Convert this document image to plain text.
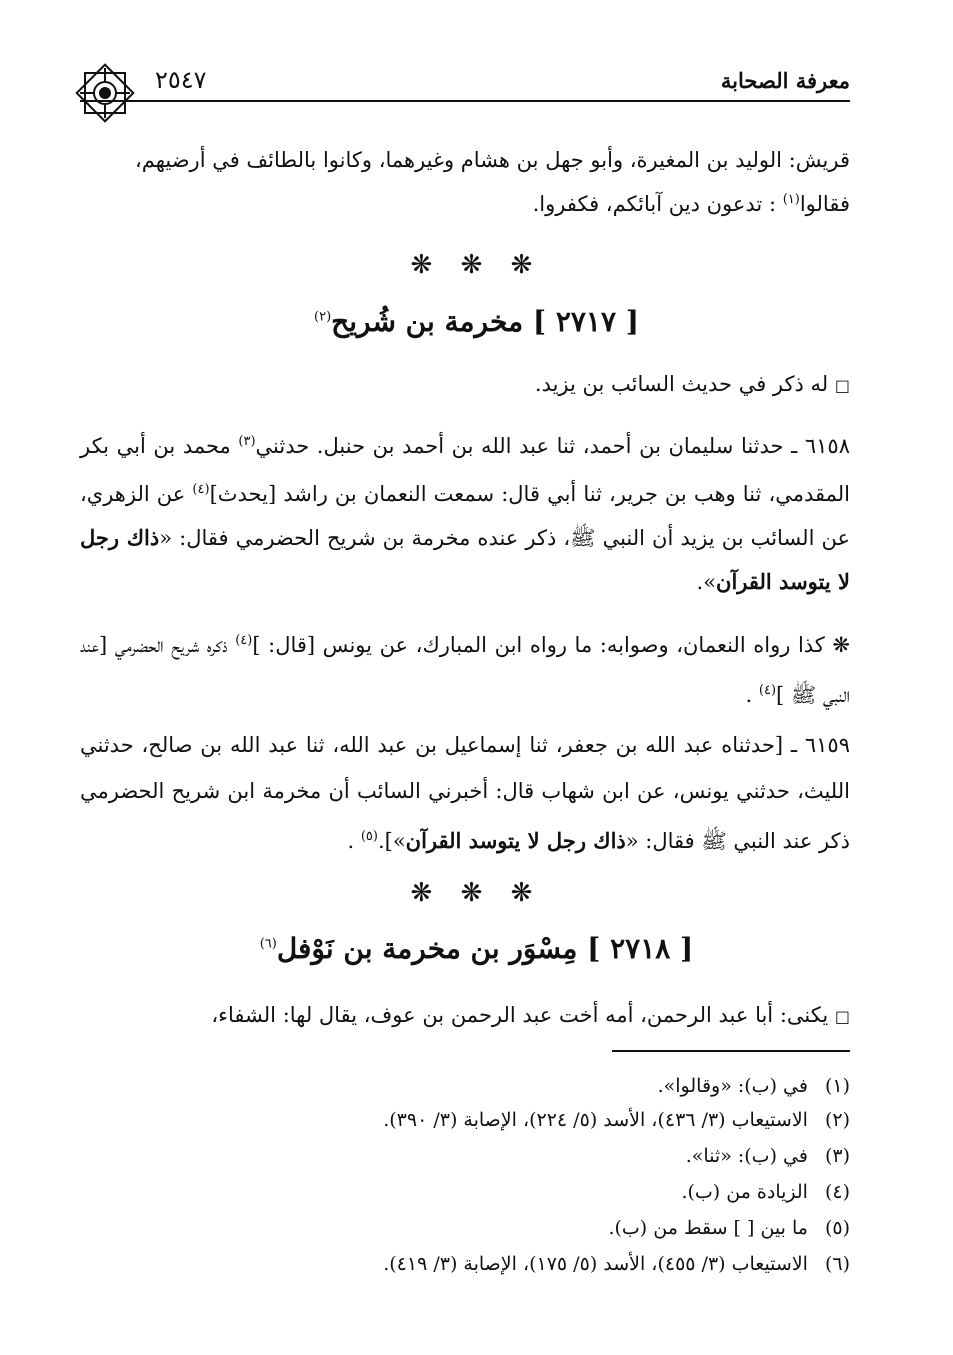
معرفة الصحابة
٢٥٤٧
قريش: الوليد بن المغيرة، وأبو جهل بن هشام وغيرهما، وكانوا بالطائف في أرضيهم،
فقالوا$^{(١)}$ : تدعون دين آبائكم، فكفروا.
❋ ❋ ❋
[ ٢٧١٧ ] مخرمة بن شُريح$^{(٢)}$
□ له ذكر في حديث السائب بن يزيد.
٦١٥٨ ـ حدثنا سليمان بن أحمد، ثنا عبد الله بن أحمد بن حنبل. حدثني$^{(٣)}$ محمد بن أبي بكر المقدمي، ثنا وهب بن جرير، ثنا أبي قال: سمعت النعمان بن راشد [يحدث]$^{(٤)}$ عن الزهري، عن السائب بن يزيد أن النبي ﷺ، ذكر عنده مخرمة بن شريح الحضرمي فقال: «ذاك رجل لا يتوسد القرآن».
❋ كذا رواه النعمان، وصوابه: ما رواه ابن المبارك، عن يونس [قال: ]$^{(٤)}$ ذكره شريح الحضرمي [عند النبي ﷺ ]$^{(٤)}$ .
٦١٥٩ ـ [حدثناه عبد الله بن جعفر، ثنا إسماعيل بن عبد الله، ثنا عبد الله بن صالح، حدثني الليث، حدثني يونس، عن ابن شهاب قال: أخبرني السائب أن مخرمة ابن شريح الحضرمي ذكر عند النبي ﷺ فقال: «ذاك رجل لا يتوسد القرآن»].$^{(٥)}$ .
❋ ❋ ❋
[ ٢٧١٨ ] مِسْوَر بن مخرمة بن نَوْفل$^{(٦)}$
□ يكنى: أبا عبد الرحمن، أمه أخت عبد الرحمن بن عوف، يقال لها: الشفاء،
(١) في (ب): «وقالوا».
(٢) الاستيعاب (٣/ ٤٣٦)، الأسد (٥/ ٢٢٤)، الإصابة (٣/ ٣٩٠).
(٣) في (ب): «ثنا».
(٤) الزيادة من (ب).
(٥) ما بين [ ] سقط من (ب).
(٦) الاستيعاب (٣/ ٤٥٥)، الأسد (٥/ ١٧٥)، الإصابة (٣/ ٤١٩).
